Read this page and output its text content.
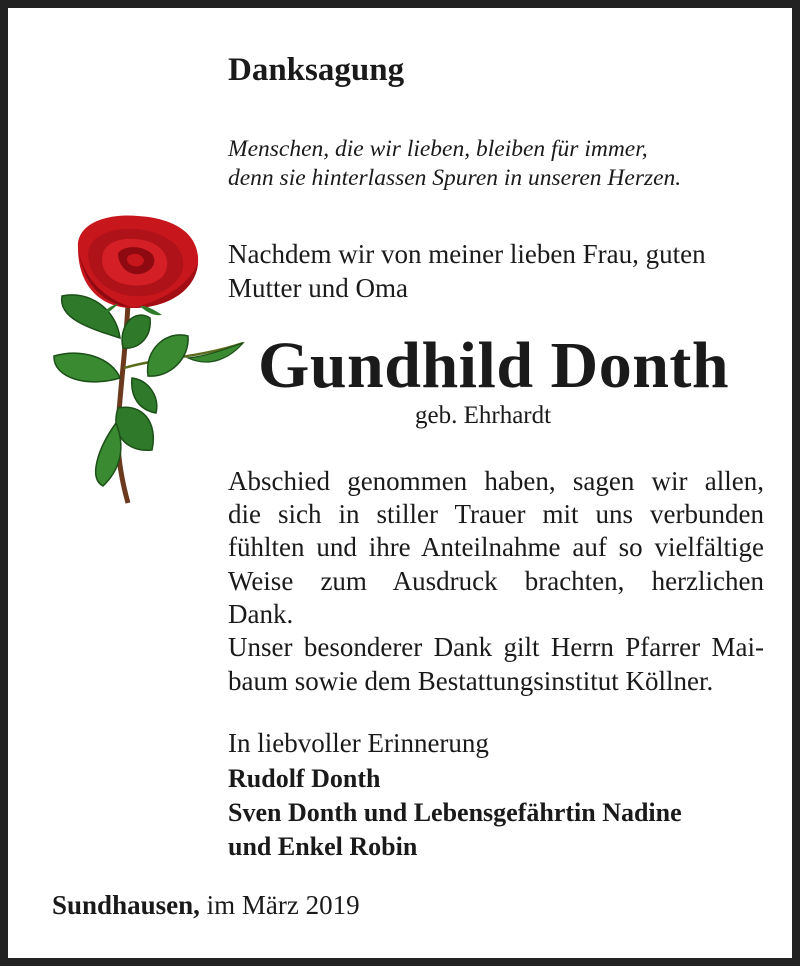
Danksagung

Menschen, die wir lieben, bleiben für immer,

denn sie hinterlassen Spuren in unseren Herzen.

Nachdem wir von meiner lieben Frau, guten

Mutter und Oma

Gundhild Donth

geb. Ehrhardt

Abschied genommen haben, sagen wir allen,

die sich in stiller Trauer mit uns verbunden

fühlten und ihre Anteilnahme auf so vielfältige

Weise zum Ausdruck brachten, herzlichen

Dank.

Unser besonderer Dank gilt Herrn Pfarrer Mai-

baum sowie dem Bestattungsinstitut Köllner.

In liebvoller Erinnerung

Rudolf Donth

Sven Donth und Lebensgefährtin Nadine

und Enkel Robin

Sundhausen, im März 2019
